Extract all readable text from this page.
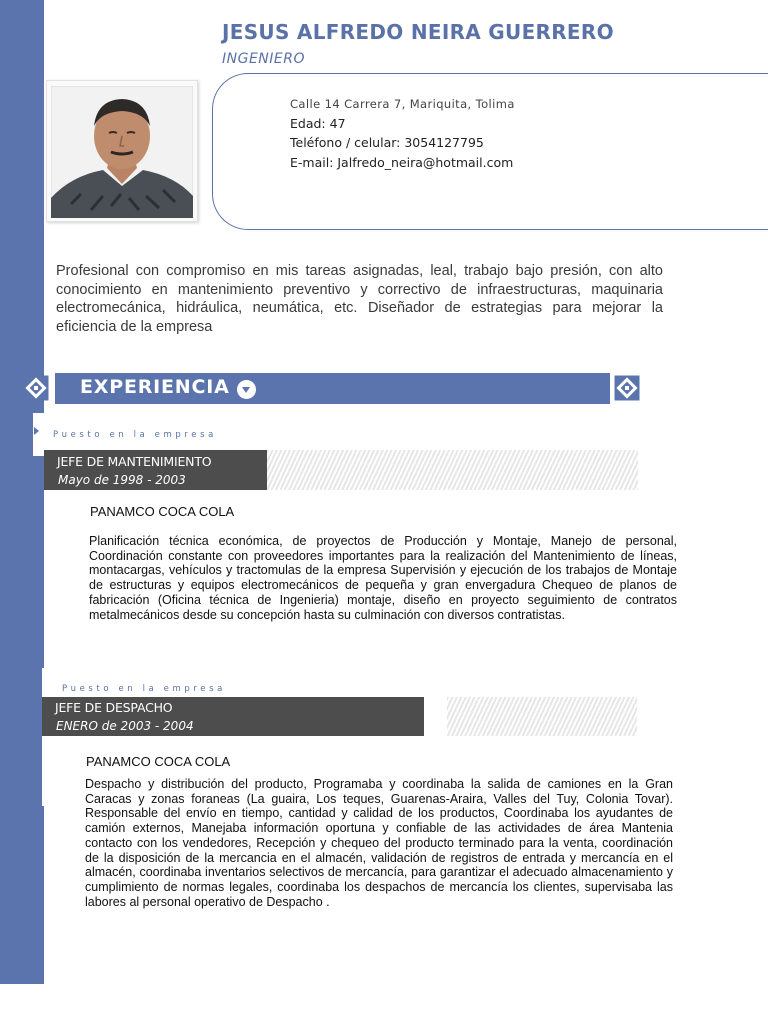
JESUS ALFREDO NEIRA GUERRERO
INGENIERO
Calle 14 Carrera 7, Mariquita, Tolima
Edad: 47
Teléfono / celular: 3054127795
E-mail: Jalfredo_neira@hotmail.com
Profesional con compromiso en mis tareas asignadas, leal, trabajo bajo presión, con alto conocimiento en mantenimiento preventivo y correctivo de infraestructuras, maquinaria electromecánica, hidráulica, neumática, etc. Diseñador de estrategias para mejorar la eficiencia de la empresa
EXPERIENCIA
Puesto en la empresa
JEFE DE MANTENIMIENTO
Mayo de 1998 - 2003
PANAMCO COCA COLA
Planificación técnica económica, de proyectos de Producción y Montaje, Manejo de personal, Coordinación constante con proveedores importantes para la realización del Mantenimiento de líneas, montacargas, vehículos y tractomulas de la empresa Supervisión y ejecución de los trabajos de Montaje de estructuras y equipos electromecánicos de pequeña y gran envergadura Chequeo de planos de fabricación (Oficina técnica de Ingenieria) montaje, diseño en proyecto seguimiento de contratos metalmecánicos desde su concepción hasta su culminación con diversos contratistas.
Puesto en la empresa
JEFE DE DESPACHO
ENERO de 2003 - 2004
PANAMCO COCA COLA
Despacho y distribución del producto, Programaba y coordinaba la salida de camiones en la Gran Caracas y zonas foraneas (La guaira, Los teques, Guarenas-Araira, Valles del Tuy, Colonia Tovar). Responsable del envío en tiempo, cantidad y calidad de los productos, Coordinaba los ayudantes de camión externos, Manejaba información oportuna y confiable de las actividades de área Mantenia contacto con los vendedores, Recepción y chequeo del producto terminado para la venta, coordinación de la disposición de la mercancia en el almacén, validación de registros de entrada y mercancía en el almacén, coordinaba inventarios selectivos de mercancía, para garantizar el adecuado almacenamiento y cumplimiento de normas legales, coordinaba los despachos de mercancía los clientes, supervisaba las labores al personal operativo de Despacho .
